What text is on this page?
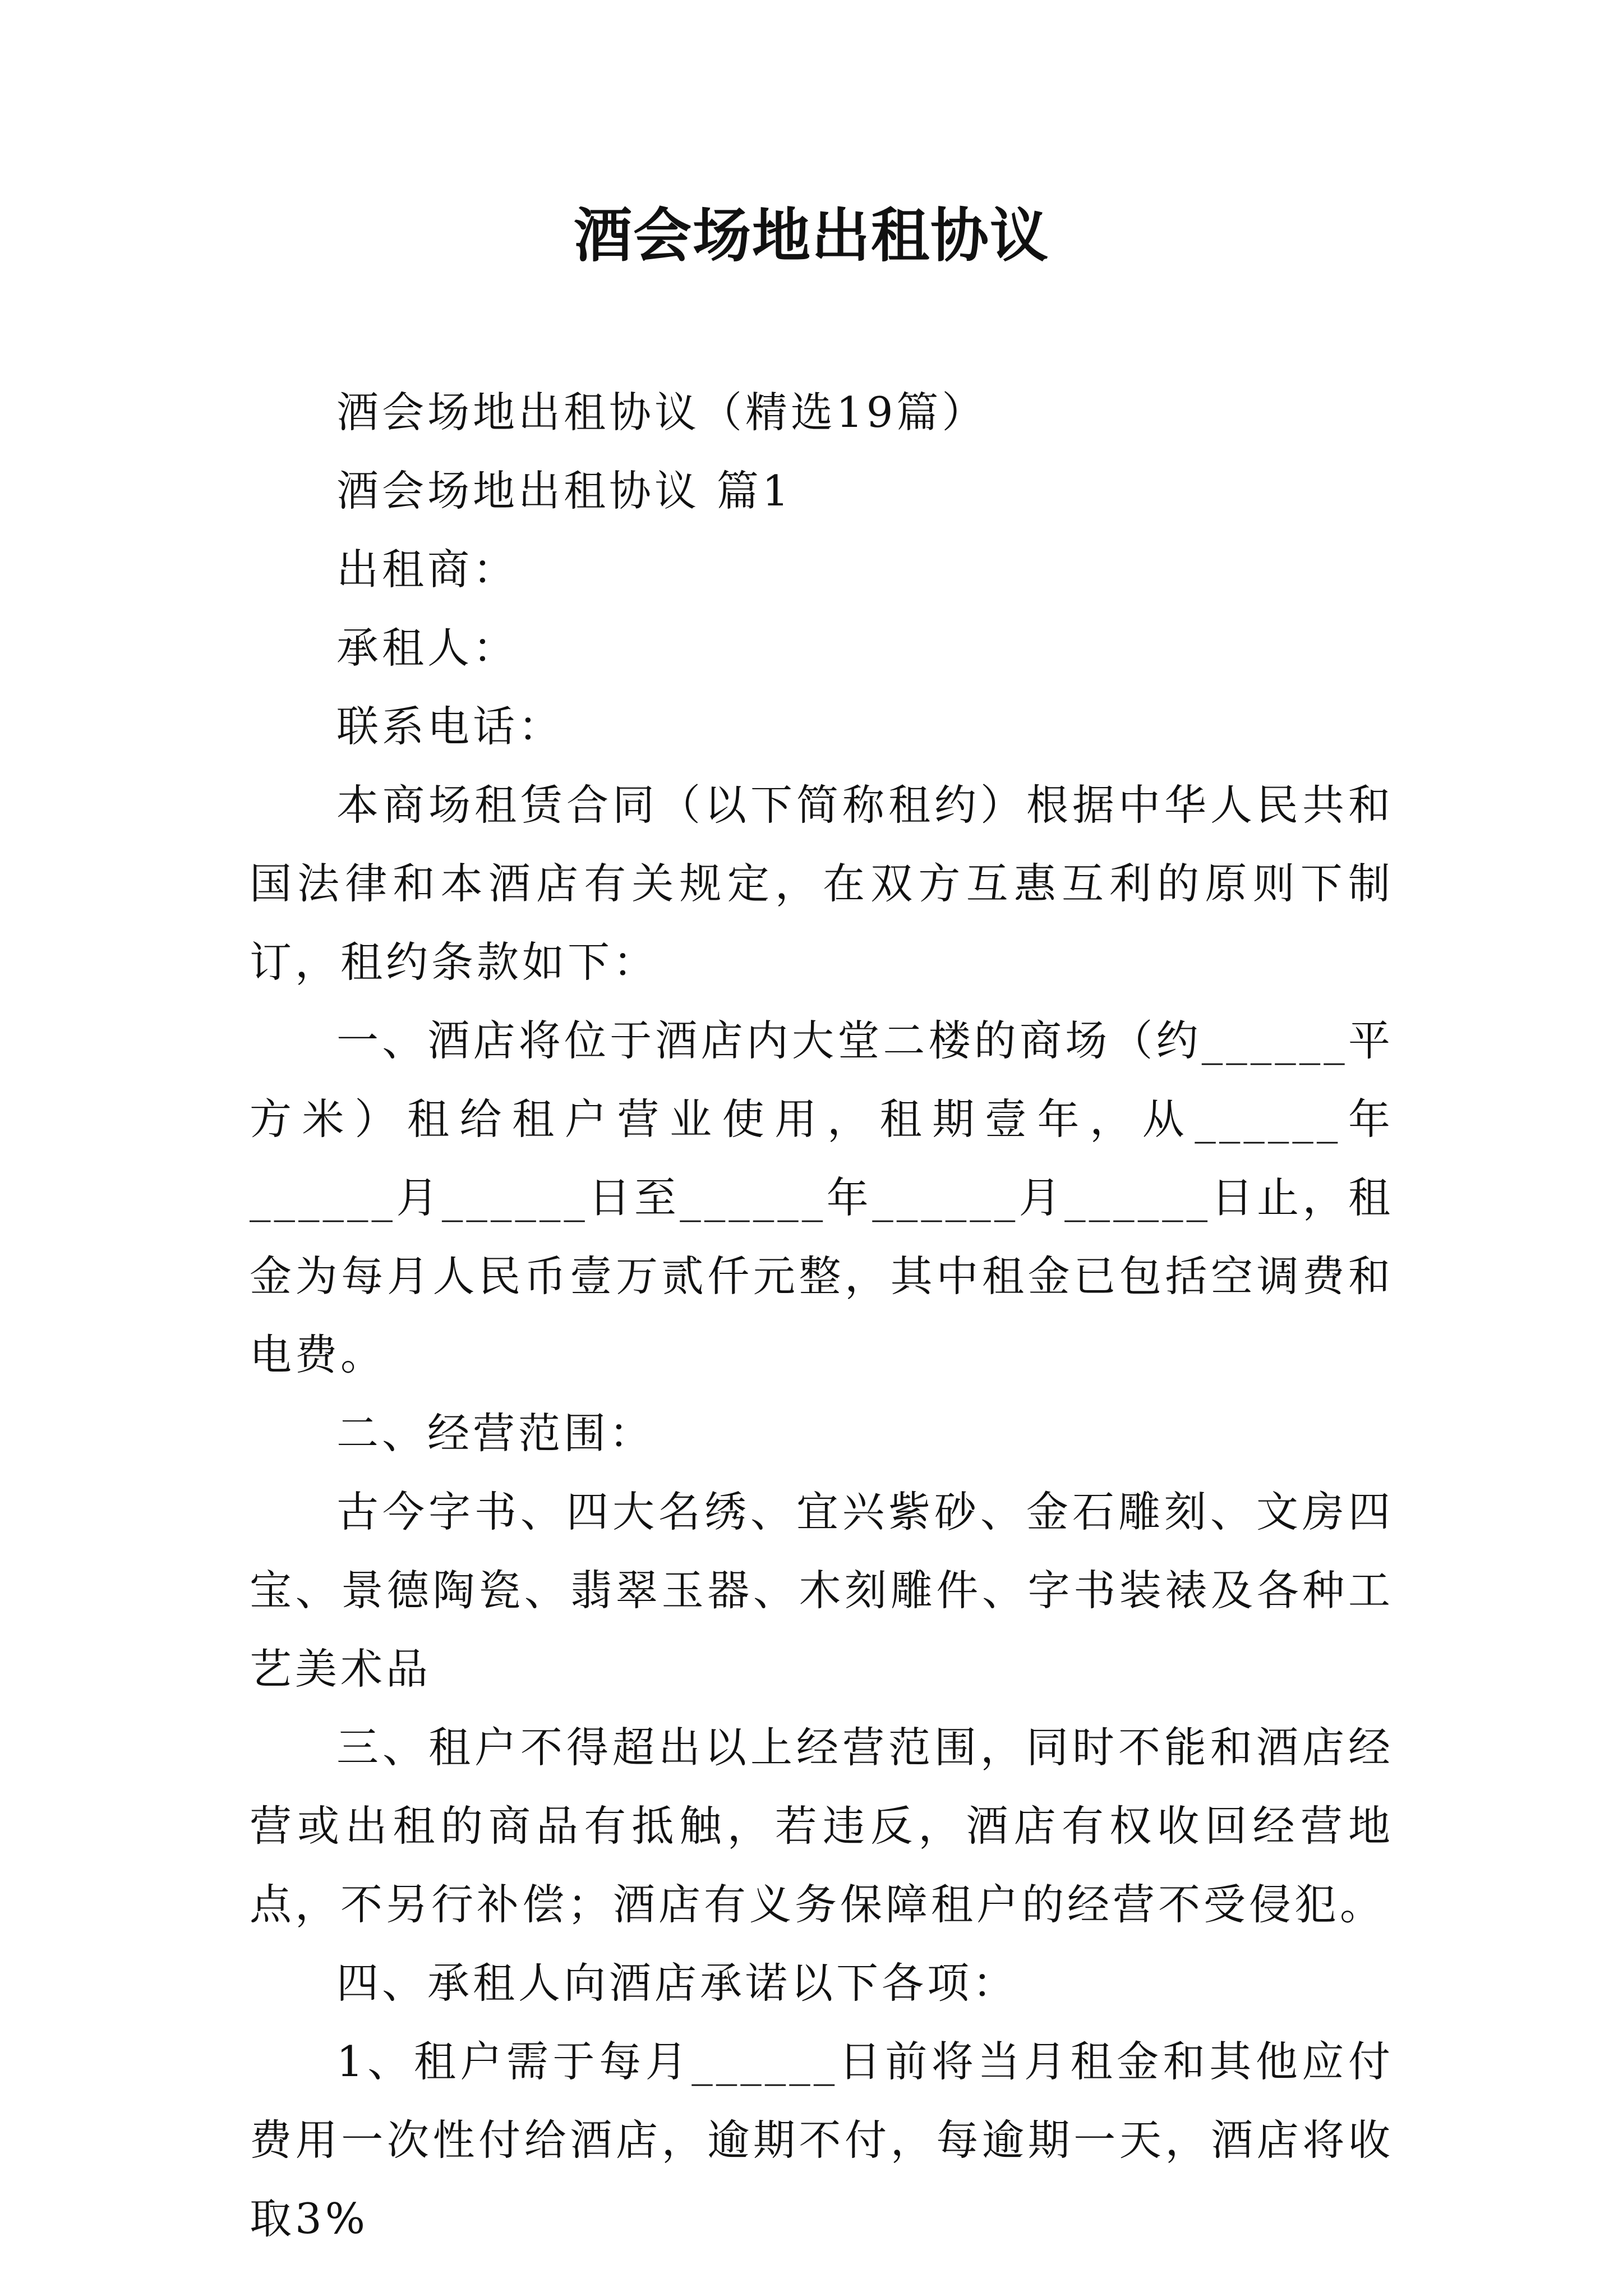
酒会场地出租协议

酒会场地出租协议（精选19篇）

酒会场地出租协议 篇1

出租商：

承租人：

联系电话：

本商场租赁合同（以下简称租约）根据中华人民共和国法律和本酒店有关规定，在双方互惠互利的原则下制订，租约条款如下：

一、酒店将位于酒店内大堂二楼的商场（约______平方米）租给租户营业使用，租期壹年，从______年______月______日至______年______月______日止，租金为每月人民币壹万贰仟元整，其中租金已包括空调费和电费。

二、经营范围：

古今字书、四大名绣、宜兴紫砂、金石雕刻、文房四宝、景德陶瓷、翡翠玉器、木刻雕件、字书装裱及各种工艺美术品

三、租户不得超出以上经营范围，同时不能和酒店经营或出租的商品有抵触，若违反，酒店有权收回经营地点，不另行补偿；酒店有义务保障租户的经营不受侵犯。

四、承租人向酒店承诺以下各项：

1、租户需于每月______日前将当月租金和其他应付费用一次性付给酒店，逾期不付，每逾期一天，酒店将收取3%
